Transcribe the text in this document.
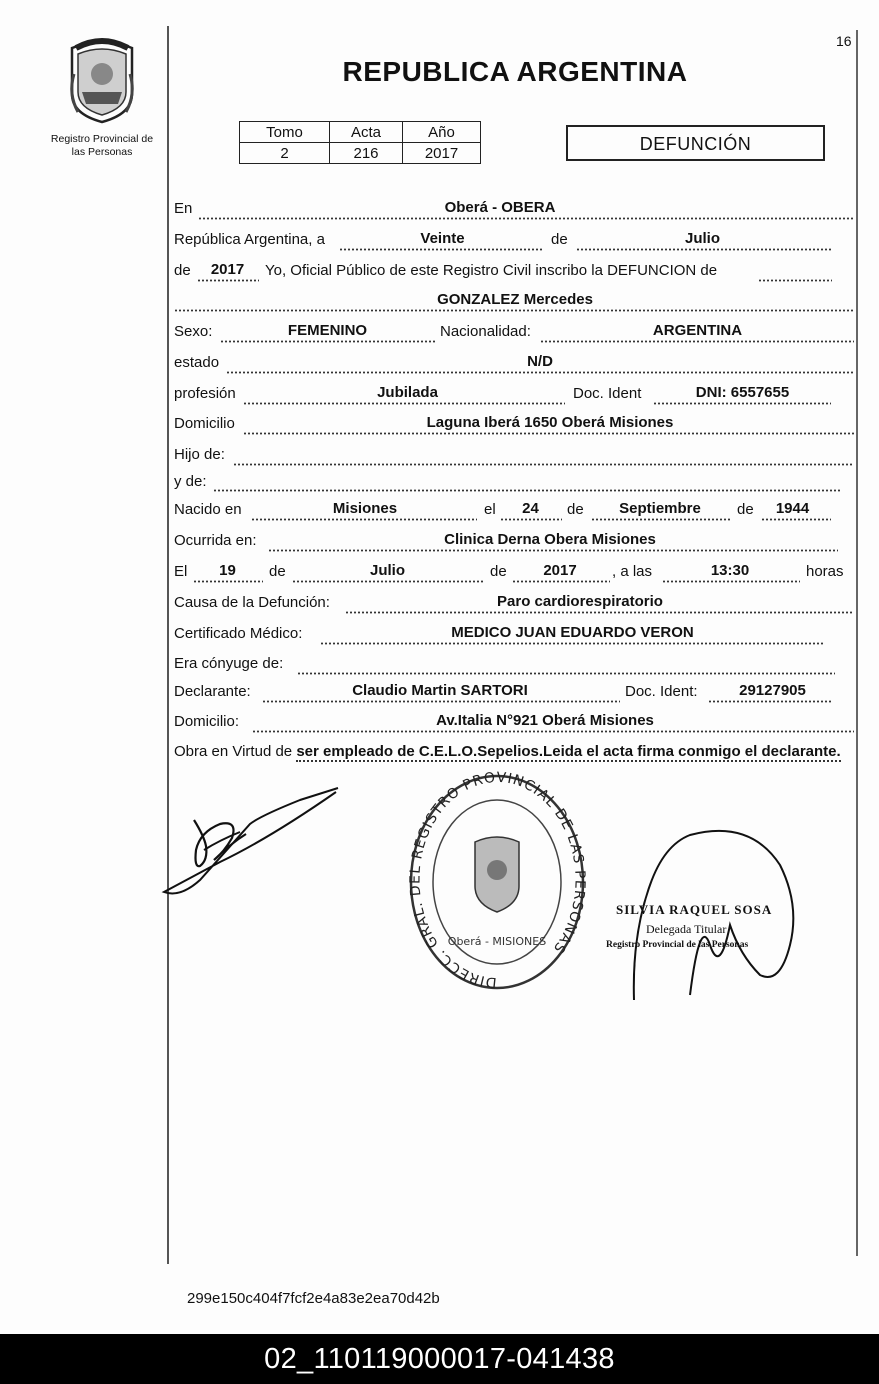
16
Registro Provincial de
las Personas
REPUBLICA ARGENTINA
Tomo	Acta	Año
2	216	2017	DEFUNCIÓN
En	Oberá - OBERA
República Argentina, a	Veinte	de	Julio
de	2017	Yo, Oficial Público de este Registro Civil inscribo la DEFUNCION de
GONZALEZ Mercedes
Sexo:	FEMENINO	Nacionalidad:	ARGENTINA
estado	N/D
profesión	Jubilada	Doc. Ident	DNI: 6557655
Domicilio	Laguna Iberá 1650 Oberá Misiones
Hijo de:
y de:
Nacido en	Misiones	el	24	de	Septiembre	de	1944
Ocurrida en:	Clinica Derna Obera Misiones
El	19	de	Julio	de	2017	, a las	13:30	horas
Causa de la Defunción:	Paro cardiorespiratorio
Certificado Médico:	MEDICO JUAN EDUARDO VERON
Era cónyuge de:
Declarante:	Claudio Martin SARTORI	Doc. Ident:	29127905
Domicilio:	Av.Italia N°921 Oberá Misiones
Obra en Virtud de ser empleado de C.E.L.O.Sepelios.Leida el acta firma conmigo el declarante.
DIRECC. GRAL. DEL REGISTRO PROVINCIAL DE LAS PERSONAS
Oberá - MISIONES
SILVIA RAQUEL SOSA
Delegada Titular
Registro Provincial de las Personas
299e150c404f7fcf2e4a83e2ea70d42b
02_110119000017-041438
